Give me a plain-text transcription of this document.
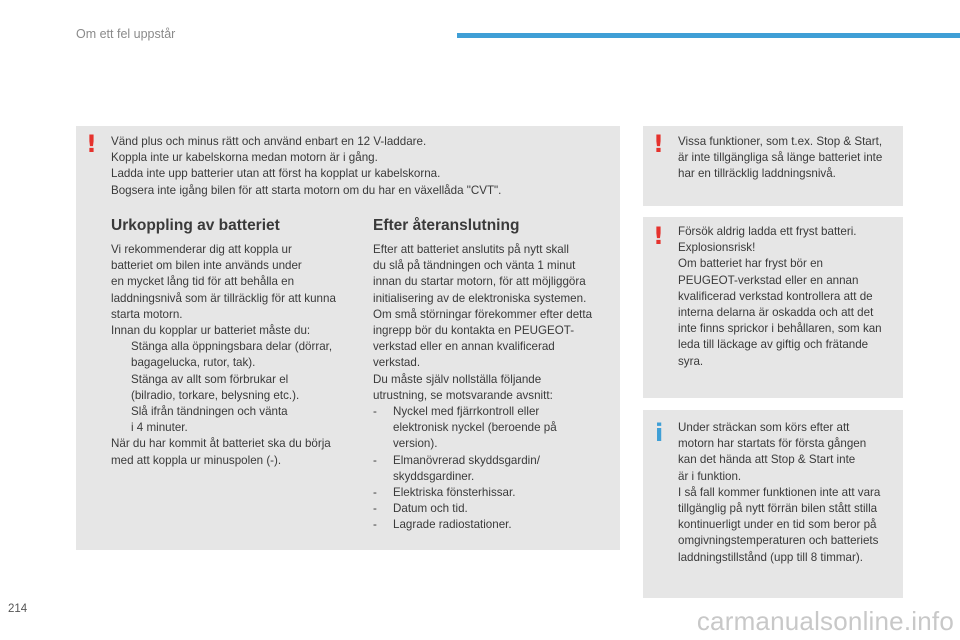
Om ett fel uppstår
! Vänd plus och minus rätt och använd enbart en 12 V-laddare.

Koppla inte ur kabelskorna medan motorn är i gång.

Ladda inte upp batterier utan att först ha kopplat ur kabelskorna.

Bogsera inte igång bilen för att starta motorn om du har en växellåda "CVT".

Urkoppling av batteriet

Vi rekommenderar dig att koppla ur

batteriet om bilen inte används under

en mycket lång tid för att behålla en

laddningsnivå som är tillräcklig för att kunna

starta motorn.

Innan du kopplar ur batteriet måste du:

Stänga alla öppningsbara delar (dörrar,

bagagelucka, rutor, tak).

Stänga av allt som förbrukar el

(bilradio, torkare, belysning etc.).

Slå ifrån tändningen och vänta

i 4 minuter.

När du har kommit åt batteriet ska du börja

med att koppla ur minuspolen (-).

Efter återanslutning

Efter att batteriet anslutits på nytt skall

du slå på tändningen och vänta 1 minut

innan du startar motorn, för att möjliggöra

initialisering av de elektroniska systemen.

Om små störningar förekommer efter detta

ingrepp bör du kontakta en PEUGEOT-

verkstad eller en annan kvalificerad

verkstad.

Du måste själv nollställa följande

utrustning, se motsvarande avsnitt:

- Nyckel med fjärrkontroll eller

elektronisk nyckel (beroende på

version).

- Elmanövrerad skyddsgardin/

skyddsgardiner.

- Elektriska fönsterhissar.

- Datum och tid.

- Lagrade radiostationer.

! Vissa funktioner, som t.ex. Stop & Start,

är inte tillgängliga så länge batteriet inte

har en tillräcklig laddningsnivå.

! Försök aldrig ladda ett fryst batteri.

Explosionsrisk!

Om batteriet har fryst bör en

PEUGEOT-verkstad eller en annan

kvalificerad verkstad kontrollera att de

interna delarna är oskadda och att det

inte finns sprickor i behållaren, som kan

leda till läckage av giftig och frätande

syra.

i Under sträckan som körs efter att

motorn har startats för första gången

kan det hända att Stop & Start inte

är i funktion.

I så fall kommer funktionen inte att vara

tillgänglig på nytt förrän bilen stått stilla

kontinuerligt under en tid som beror på

omgivningstemperaturen och batteriets

laddningstillstånd (upp till 8 timmar).

214	carmanualsonline.info
